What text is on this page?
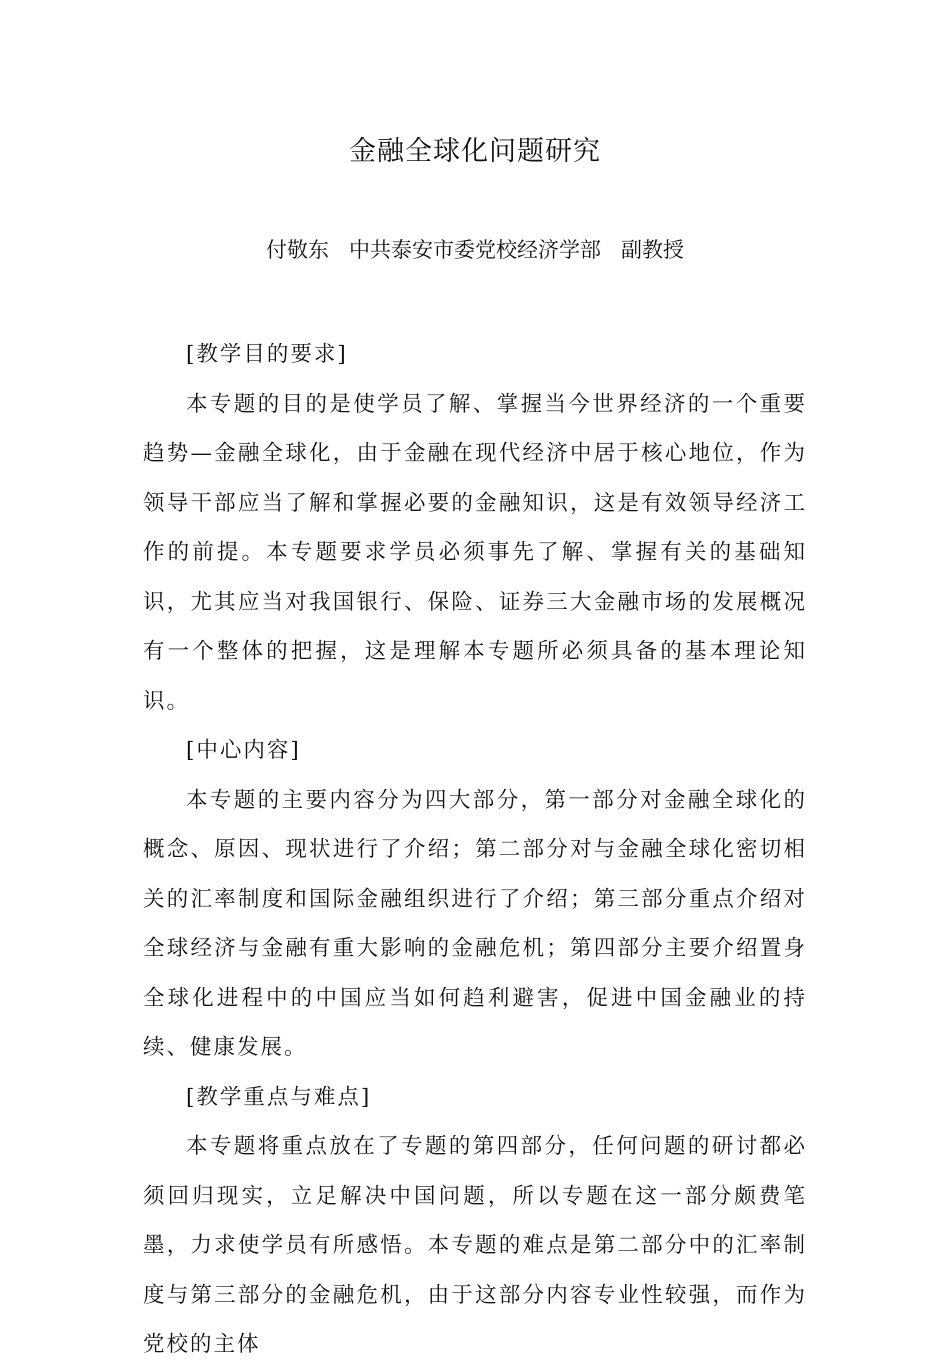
金融全球化问题研究
付敬东 中共泰安市委党校经济学部 副教授

[教学目的要求]

本专题的目的是使学员了解、掌握当今世界经济的一个重要趋势—金融全球化，由于金融在现代经济中居于核心地位，作为领导干部应当了解和掌握必要的金融知识，这是有效领导经济工作的前提。本专题要求学员必须事先了解、掌握有关的基础知识，尤其应当对我国银行、保险、证券三大金融市场的发展概况有一个整体的把握，这是理解本专题所必须具备的基本理论知识。

[中心内容]

本专题的主要内容分为四大部分，第一部分对金融全球化的概念、原因、现状进行了介绍；第二部分对与金融全球化密切相关的汇率制度和国际金融组织进行了介绍；第三部分重点介绍对全球经济与金融有重大影响的金融危机；第四部分主要介绍置身全球化进程中的中国应当如何趋利避害，促进中国金融业的持续、健康发展。

[教学重点与难点]

本专题将重点放在了专题的第四部分，任何问题的研讨都必须回归现实，立足解决中国问题，所以专题在这一部分颇费笔墨，力求使学员有所感悟。本专题的难点是第二部分中的汇率制度与第三部分的金融危机，由于这部分内容专业性较强，而作为党校的主体
